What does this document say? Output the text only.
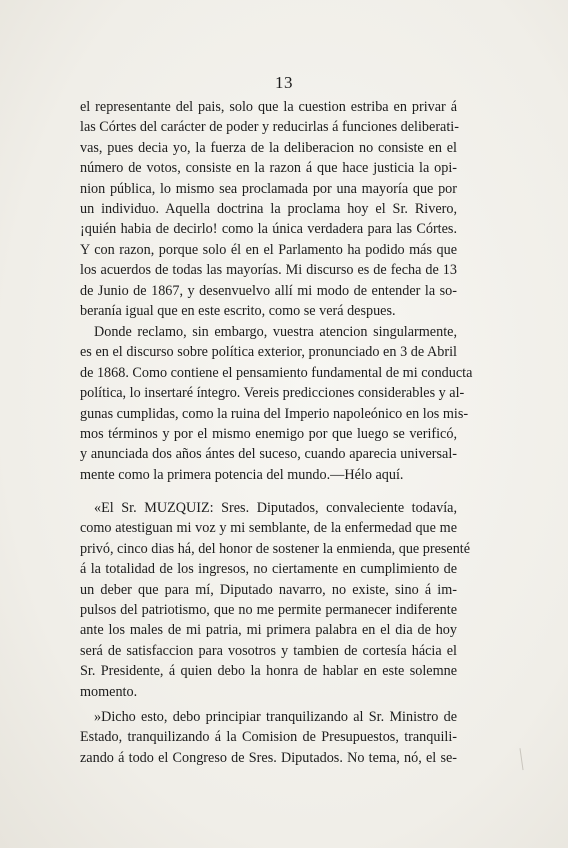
13
el representante del pais, solo que la cuestion estriba en privar á
las Córtes del carácter de poder y reducirlas á funciones deliberati-
vas, pues decia yo, la fuerza de la deliberacion no consiste en el
número de votos, consiste en la razon á que hace justicia la opi-
nion pública, lo mismo sea proclamada por una mayoría que por
un individuo. Aquella doctrina la proclama hoy el Sr. Rivero,
¡quién habia de decirlo! como la única verdadera para las Córtes.
Y con razon, porque solo él en el Parlamento ha podido más que
los acuerdos de todas las mayorías. Mi discurso es de fecha de 13
de Junio de 1867, y desenvuelvo allí mi modo de entender la so-
beranía igual que en este escrito, como se verá despues.
Donde reclamo, sin embargo, vuestra atencion singularmente,
es en el discurso sobre política exterior, pronunciado en 3 de Abril
de 1868. Como contiene el pensamiento fundamental de mi conducta
política, lo insertaré íntegro. Vereis predicciones considerables y al-
gunas cumplidas, como la ruina del Imperio napoleónico en los mis-
mos términos y por el mismo enemigo por que luego se verificó,
y anunciada dos años ántes del suceso, cuando aparecia universal-
mente como la primera potencia del mundo.—Hélo aquí.
«El Sr. MUZQUIZ: Sres. Diputados, convaleciente todavía,
como atestiguan mi voz y mi semblante, de la enfermedad que me
privó, cinco dias há, del honor de sostener la enmienda, que presenté
á la totalidad de los ingresos, no ciertamente en cumplimiento de
un deber que para mí, Diputado navarro, no existe, sino á im-
pulsos del patriotismo, que no me permite permanecer indiferente
ante los males de mi patria, mi primera palabra en el dia de hoy
será de satisfaccion para vosotros y tambien de cortesía hácia el
Sr. Presidente, á quien debo la honra de hablar en este solemne
momento.
»Dicho esto, debo principiar tranquilizando al Sr. Ministro de
Estado, tranquilizando á la Comision de Presupuestos, tranquili-
zando á todo el Congreso de Sres. Diputados. No tema, nó, el se-
